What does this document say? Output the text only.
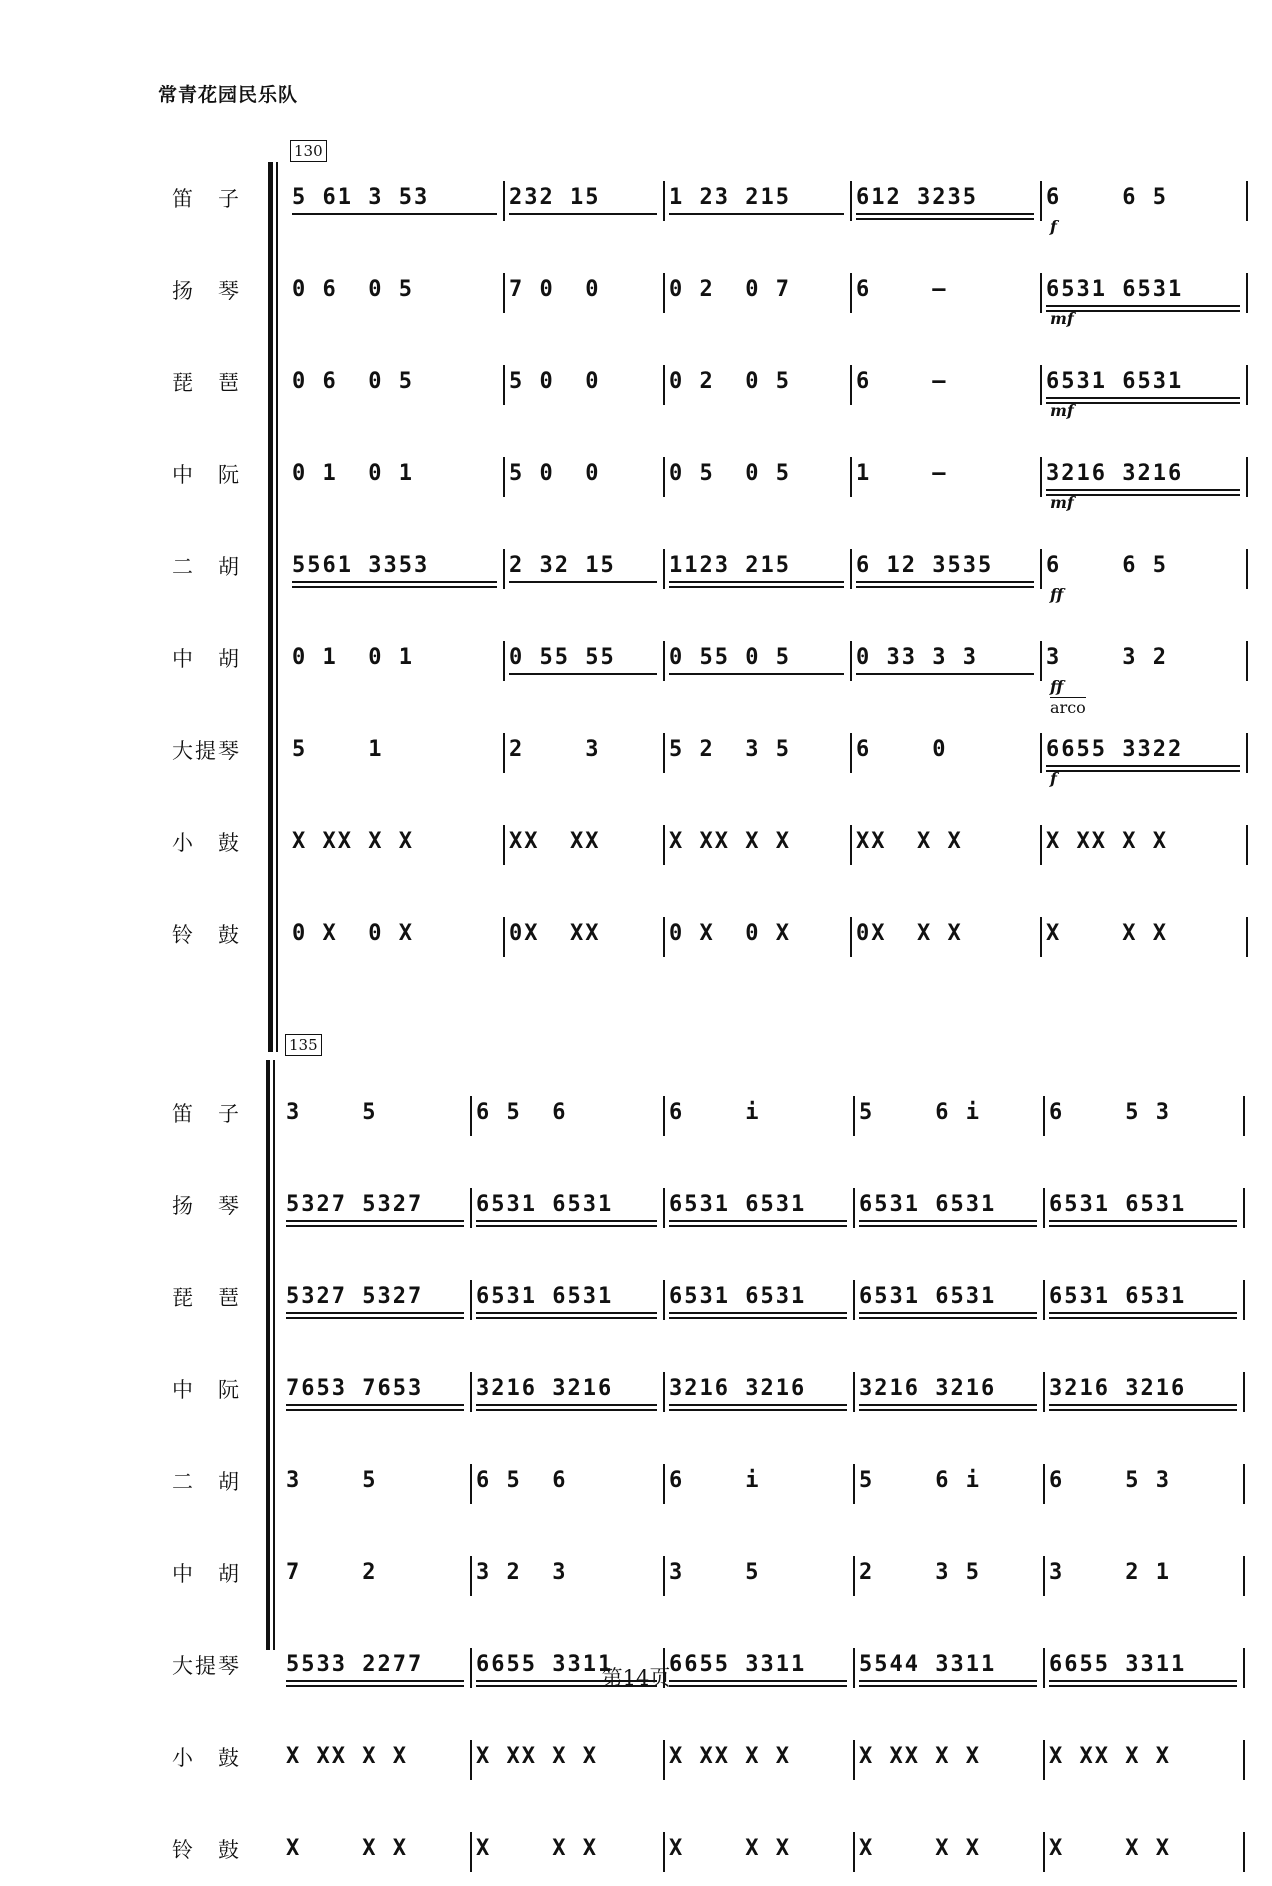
常青花园民乐队
130
笛　子 5 61 3 53	232 15	1 23 215	612 3235	6    6 5
f
扬　琴 0 6  0 5	7 0  0	0 2  0 7	6    –	6531 6531
mf
琵　琶 0 6  0 5	5 0  0	0 2  0 5	6    –	6531 6531
mf
中　阮 0 1  0 1	5 0  0	0 5  0 5	1    –	3216 3216
mf
二　胡 5561 3353	2 32 15	1123 215	6 12 3535	6    6 5
ff
中　胡 0 1  0 1	0 55 55	0 55 0 5	0 33 3 3	3    3 2
ff
arco
大提琴 5    1	2    3	5 2  3 5	6    0	6655 3322
f
小　鼓 X XX X X	XX  XX	X XX X X	XX  X X	X XX X X
铃　鼓 0 X  0 X	0X  XX	0 X  0 X	0X  X X	X    X X
135
笛　子 3    5	6 5  6	6    i	5    6 i	6    5 3
扬　琴 5327 5327	6531 6531	6531 6531	6531 6531	6531 6531
琵　琶 5327 5327	6531 6531	6531 6531	6531 6531	6531 6531
中　阮 7653 7653	3216 3216	3216 3216	3216 3216	3216 3216
二　胡 3    5	6 5  6	6    i	5    6 i	6    5 3
中　胡 7    2	3 2  3	3    5	2    3 5	3    2 1
大提琴 5533 2277	6655 3311	6655 3311	5544 3311	6655 3311
小　鼓 X XX X X	X XX X X	X XX X X	X XX X X	X XX X X
铃　鼓 X    X X	X    X X	X    X X	X    X X	X    X X
第14页
